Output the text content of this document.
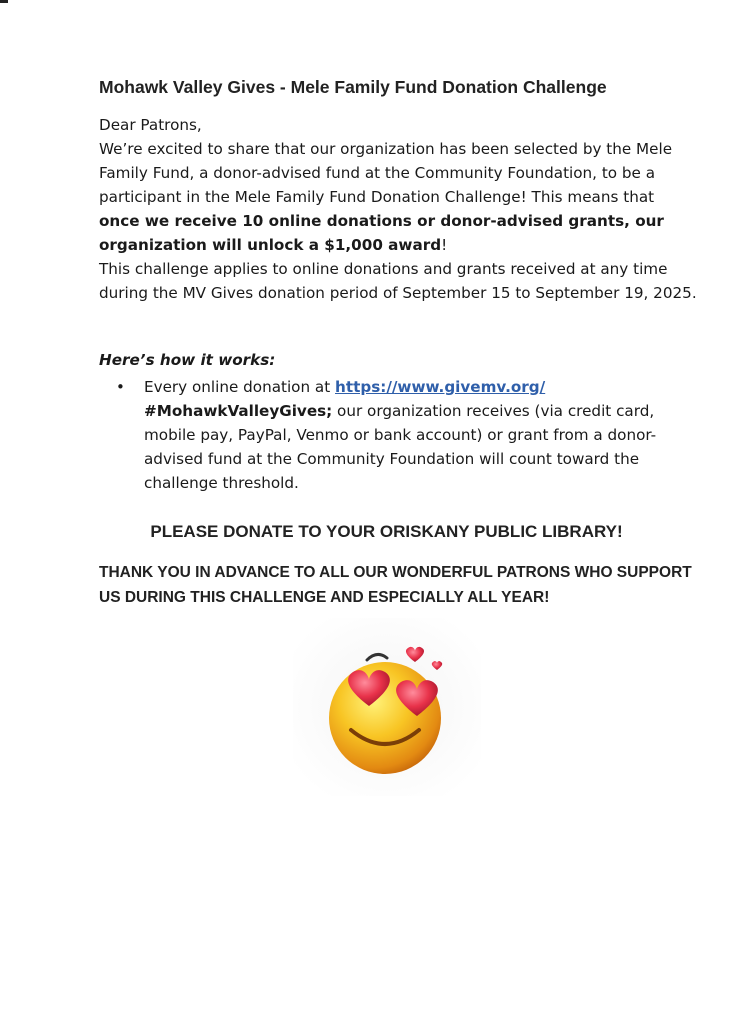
Mohawk Valley Gives - Mele Family Fund Donation Challenge

Dear Patrons,

We’re excited to share that our organization has been selected by the Mele Family Fund, a donor-advised fund at the Community Foundation, to be a participant in the Mele Family Fund Donation Challenge! This means that once we receive 10 online donations or donor-advised grants, our organization will unlock a $1,000 award!

This challenge applies to online donations and grants received at any time during the MV Gives donation period of September 15 to September 19, 2025.

Here’s how it works:
• Every online donation at https://www.givemv.org/
#MohawkValleyGives; our organization receives (via credit card, mobile pay, PayPal, Venmo or bank account) or grant from a donor-advised fund at the Community Foundation will count toward the challenge threshold.
PLEASE DONATE TO YOUR ORISKANY PUBLIC LIBRARY!
THANK YOU IN ADVANCE TO ALL OUR WONDERFUL PATRONS WHO SUPPORT US DURING THIS CHALLENGE AND ESPECIALLY ALL YEAR!
